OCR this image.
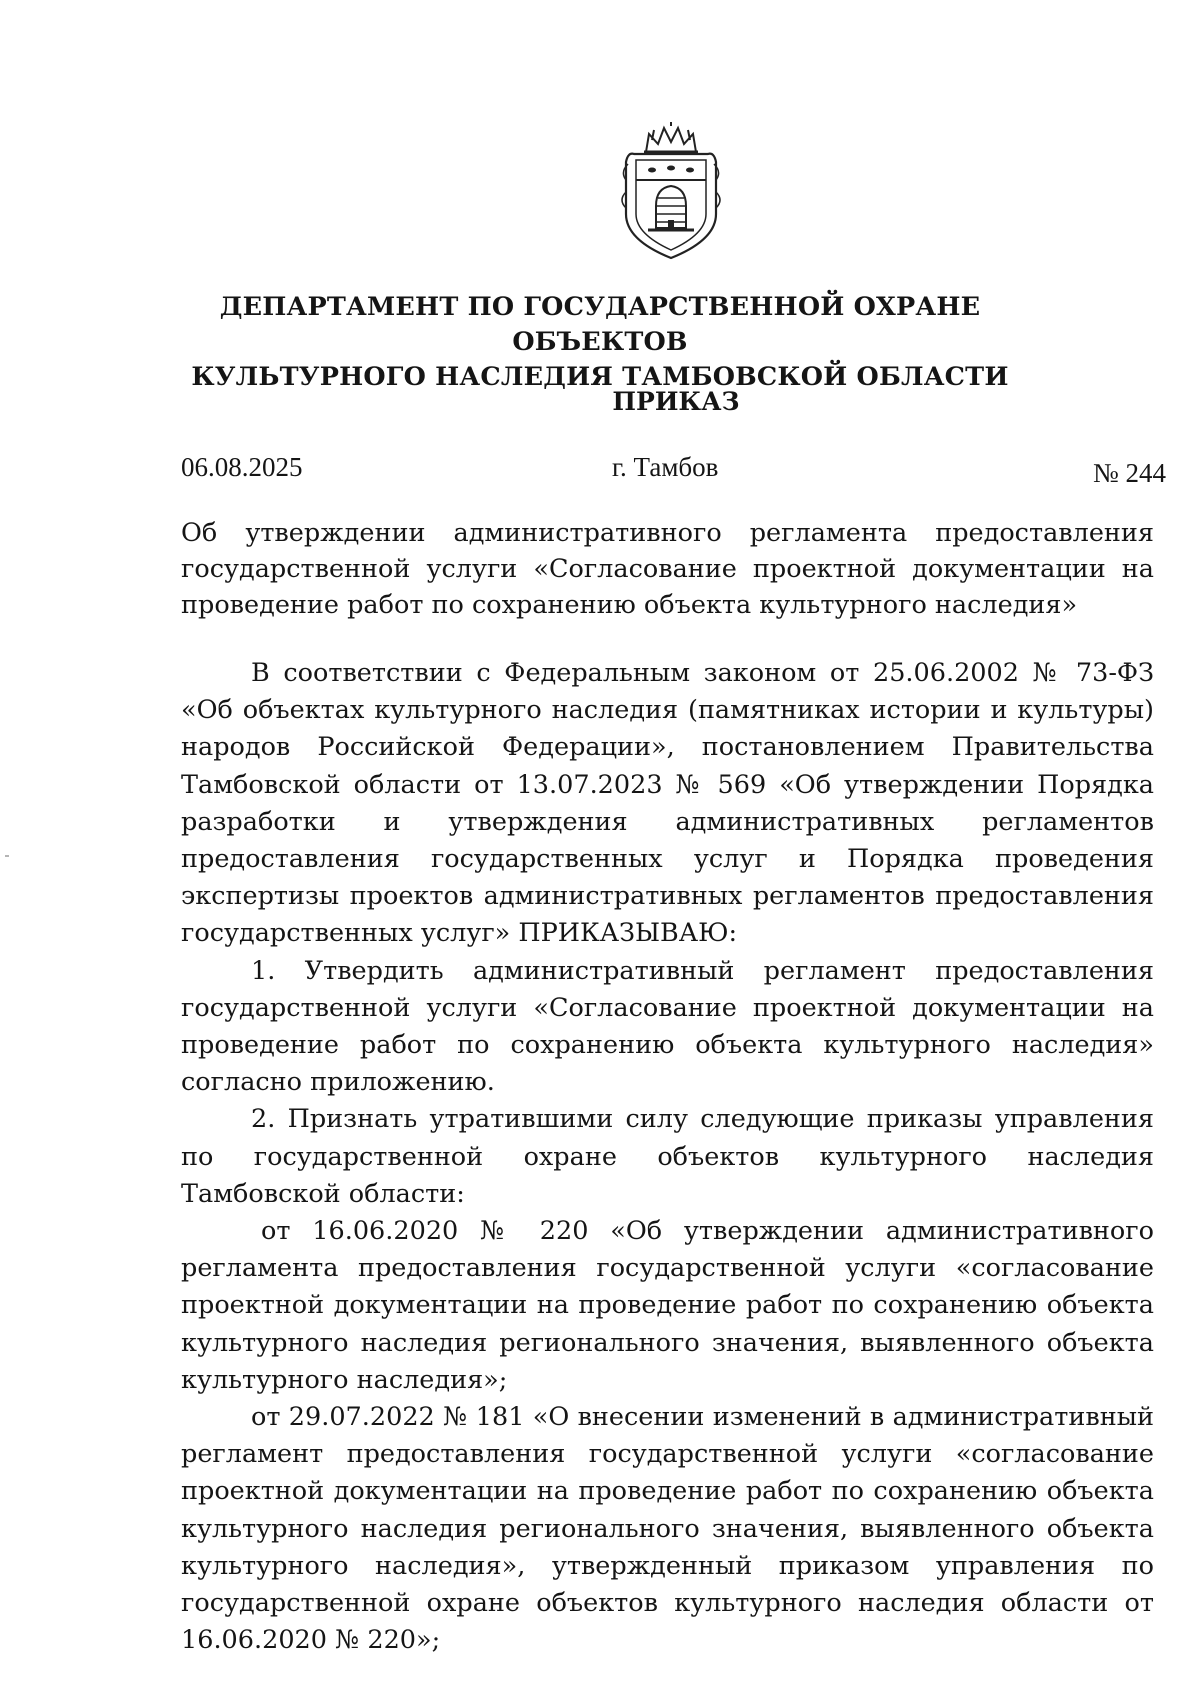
ДЕПАРТАМЕНТ ПО ГОСУДАРСТВЕННОЙ ОХРАНЕ ОБЪЕКТОВ
КУЛЬТУРНОГО НАСЛЕДИЯ ТАМБОВСКОЙ ОБЛАСТИ
ПРИКАЗ
06.08.2025	г. Тамбов	№ 244

Об утверждении административного регламента предоставления государственной услуги «Согласование проектной документации на проведение работ по сохранению объекта культурного наследия»

В соответствии с Федеральным законом от 25.06.2002 № 73-ФЗ «Об объектах культурного наследия (памятниках истории и культуры) народов Российской Федерации», постановлением Правительства Тамбовской области от 13.07.2023 № 569 «Об утверждении Порядка разработки и утверждения административных регламентов предоставления государственных услуг и Порядка проведения экспертизы проектов административных регламентов предоставления государственных услуг» ПРИКАЗЫВАЮ:

1. Утвердить административный регламент предоставления государственной услуги «Согласование проектной документации на проведение работ по сохранению объекта культурного наследия» согласно приложению.

2. Признать утратившими силу следующие приказы управления по государственной охране объектов культурного наследия Тамбовской области:

от 16.06.2020 № 220 «Об утверждении административного регламента предоставления государственной услуги «согласование проектной документации на проведение работ по сохранению объекта культурного наследия регионального значения, выявленного объекта культурного наследия»;

от 29.07.2022 № 181 «О внесении изменений в административный регламент предоставления государственной услуги «согласование проектной документации на проведение работ по сохранению объекта культурного наследия регионального значения, выявленного объекта культурного наследия», утвержденный приказом управления по государственной охране объектов культурного наследия области от 16.06.2020 № 220»;
